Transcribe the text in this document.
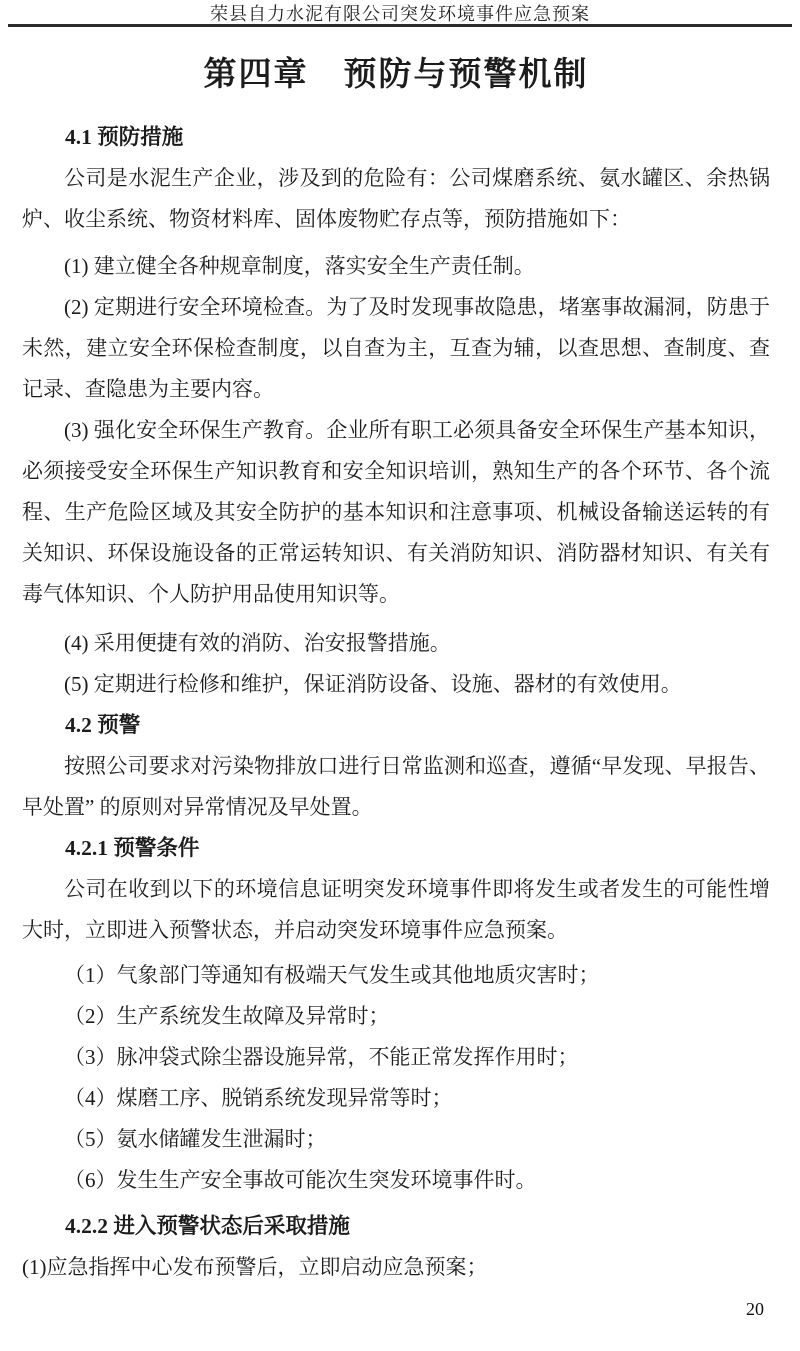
荣县自力水泥有限公司突发环境事件应急预案
第四章　预防与预警机制
4.1 预防措施

公司是水泥生产企业，涉及到的危险有：公司煤磨系统、氨水罐区、余热锅炉、收尘系统、物资材料库、固体废物贮存点等，预防措施如下：

(1) 建立健全各种规章制度，落实安全生产责任制。

(2) 定期进行安全环境检查。为了及时发现事故隐患，堵塞事故漏洞，防患于未然，建立安全环保检查制度，以自查为主，互查为辅，以查思想、查制度、查记录、查隐患为主要内容。

(3) 强化安全环保生产教育。企业所有职工必须具备安全环保生产基本知识，必须接受安全环保生产知识教育和安全知识培训，熟知生产的各个环节、各个流程、生产危险区域及其安全防护的基本知识和注意事项、机械设备输送运转的有关知识、环保设施设备的正常运转知识、有关消防知识、消防器材知识、有关有毒气体知识、个人防护用品使用知识等。

(4) 采用便捷有效的消防、治安报警措施。

(5) 定期进行检修和维护，保证消防设备、设施、器材的有效使用。

4.2 预警

按照公司要求对污染物排放口进行日常监测和巡查，遵循“早发现、早报告、早处置” 的原则对异常情况及早处置。

4.2.1 预警条件

公司在收到以下的环境信息证明突发环境事件即将发生或者发生的可能性增大时，立即进入预警状态，并启动突发环境事件应急预案。

（1）气象部门等通知有极端天气发生或其他地质灾害时；

（2）生产系统发生故障及异常时；

（3）脉冲袋式除尘器设施异常，不能正常发挥作用时；

（4）煤磨工序、脱销系统发现异常等时；

（5）氨水储罐发生泄漏时；

（6）发生生产安全事故可能次生突发环境事件时。

4.2.2 进入预警状态后采取措施

(1)应急指挥中心发布预警后，立即启动应急预案；

20
